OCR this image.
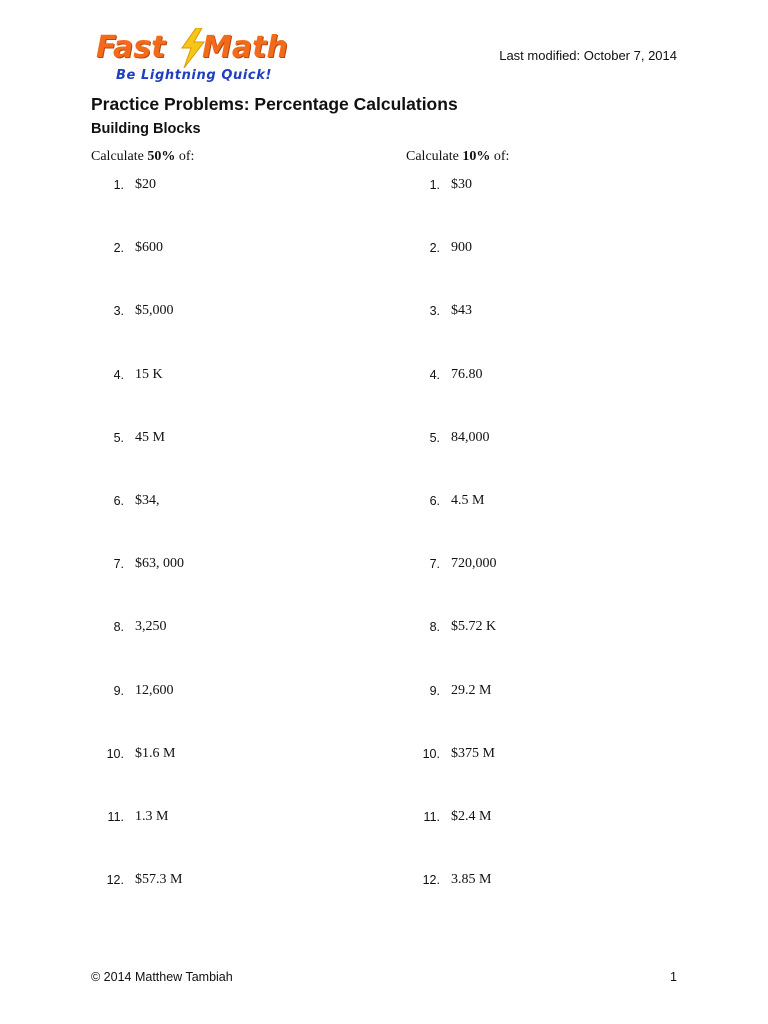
Fast Math
Be Lightning Quick!
Last modified: October 7, 2014
Practice Problems: Percentage Calculations
Building Blocks
Calculate 50% of:	Calculate 10% of:
1. $20
2. $600
3. $5,000
4. 15 K
5. 45 M
6. $34,
7. $63, 000
8. 3,250
9. 12,600
10. $1.6 M
11. 1.3 M
12. $57.3 M
1. $30
2. 900
3. $43
4. 76.80
5. 84,000
6. 4.5 M
7. 720,000
8. $5.72 K
9. 29.2 M
10. $375 M
11. $2.4 M
12. 3.85 M
© 2014 Matthew Tambiah	1
